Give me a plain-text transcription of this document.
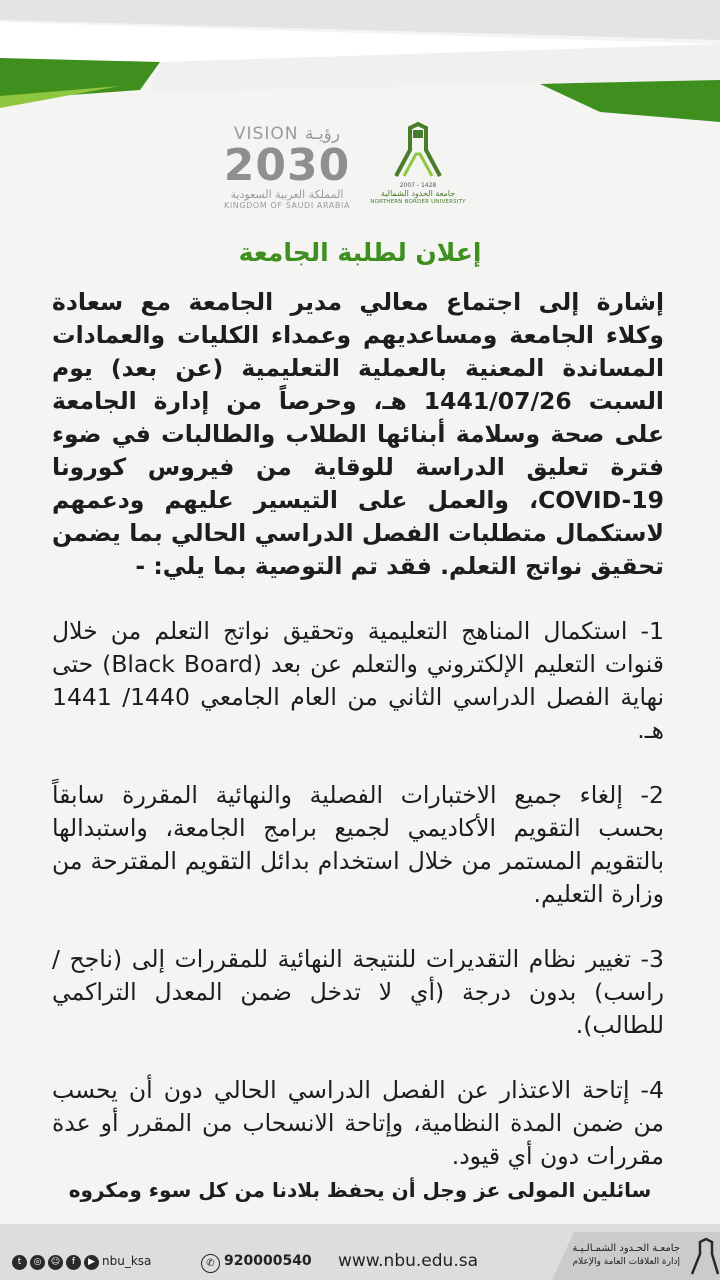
VISION رؤيـة
2030
المملكة العربية السعودية
KINGDOM OF SAUDI ARABIA
2007 - 1428
جامعة الحدود الشمالية
NORTHERN BORDER UNIVERSITY
إعلان لطلبة الجامعة

إشارة إلى اجتماع معالي مدير الجامعة مع سعادة وكلاء الجامعة ومساعديهم وعمداء الكليات والعمادات المساندة المعنية بالعملية التعليمية (عن بعد) يوم السبت 1441/07/26 هـ، وحرصاً من إدارة الجامعة على صحة وسلامة أبنائها الطلاب والطالبات في ضوء فترة تعليق الدراسة للوقاية من فيروس كورونا COVID-19، والعمل على التيسير عليهم ودعمهم لاستكمال متطلبات الفصل الدراسي الحالي بما يضمن تحقيق نواتج التعلم. فقد تم التوصية بما يلي: -

1- استكمال المناهج التعليمية وتحقيق نواتج التعلم من خلال قنوات التعليم الإلكتروني والتعلم عن بعد (Black Board) حتى نهاية الفصل الدراسي الثاني من العام الجامعي 1440/ 1441 هـ.

2- إلغاء جميع الاختبارات الفصلية والنهائية المقررة سابقاً بحسب التقويم الأكاديمي لجميع برامج الجامعة، واستبدالها بالتقويم المستمر من خلال استخدام بدائل التقويم المقترحة من وزارة التعليم.

3- تغيير نظام التقديرات للنتيجة النهائية للمقررات إلى (ناجح / راسب) بدون درجة (أي لا تدخل ضمن المعدل التراكمي للطالب).

4- إتاحة الاعتذار عن الفصل الدراسي الحالي دون أن يحسب من ضمن المدة النظامية، وإتاحة الانسحاب من المقرر أو عدة مقررات دون أي قيود.

سائلين المولى عز وجل أن يحفظ بلادنا من كل سوء ومكروه
t	◎	☺	f	▶ nbu_ksa	✆ 920000540 www.nbu.edu.sa
جامعـة الحـدود الشمـالـيـة
إدارة العلاقات العامة والإعلام
